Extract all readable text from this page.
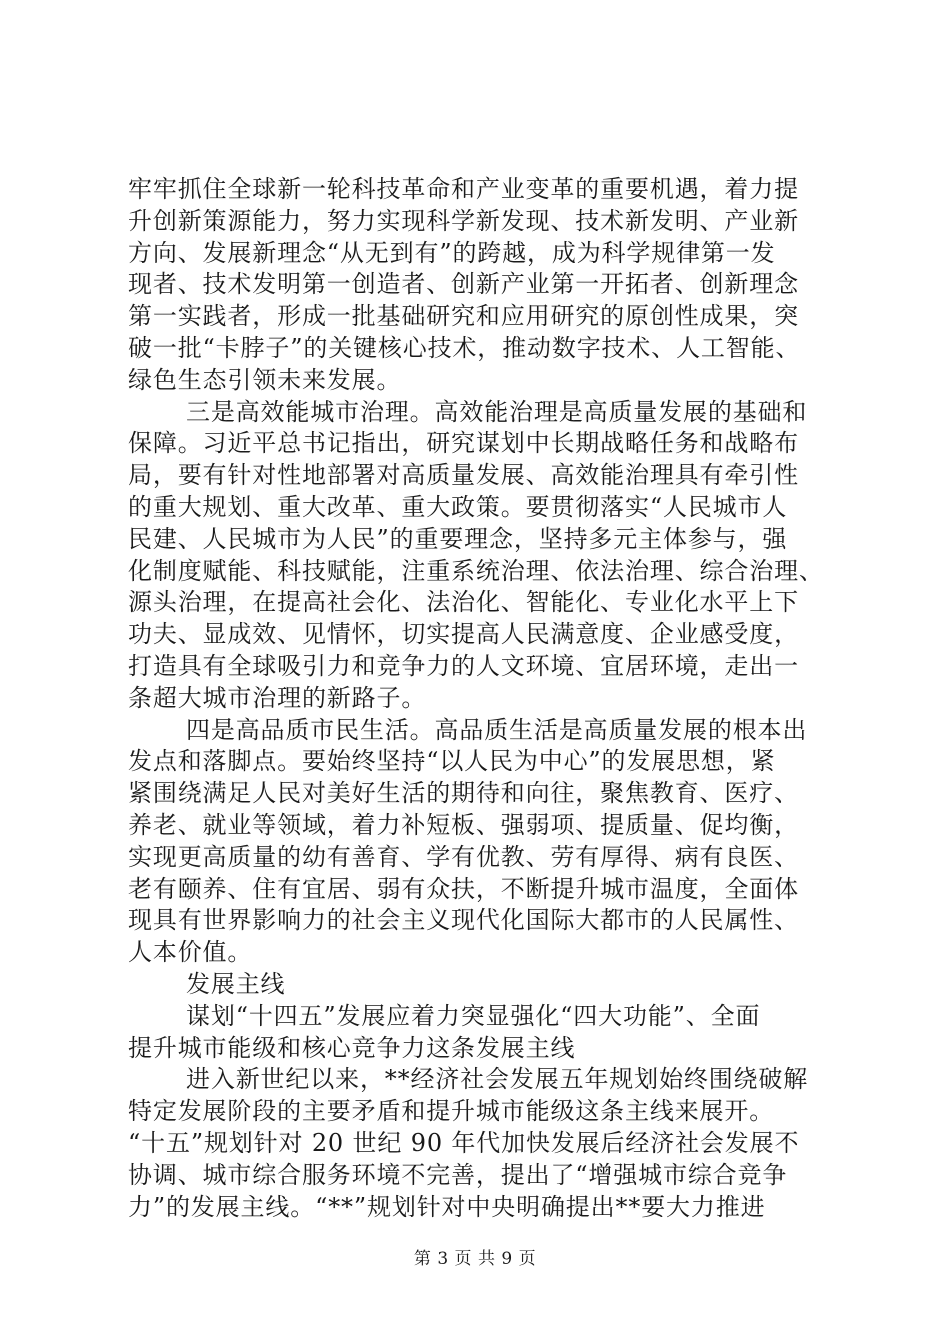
牢牢抓住全球新一轮科技革命和产业变革的重要机遇，着力提
升创新策源能力，努力实现科学新发现、技术新发明、产业新
方向、发展新理念“从无到有”的跨越，成为科学规律第一发
现者、技术发明第一创造者、创新产业第一开拓者、创新理念
第一实践者，形成一批基础研究和应用研究的原创性成果，突
破一批“卡脖子”的关键核心技术，推动数字技术、人工智能、
绿色生态引领未来发展。
三是高效能城市治理。高效能治理是高质量发展的基础和
保障。习近平总书记指出，研究谋划中长期战略任务和战略布
局，要有针对性地部署对高质量发展、高效能治理具有牵引性
的重大规划、重大改革、重大政策。要贯彻落实“人民城市人
民建、人民城市为人民”的重要理念，坚持多元主体参与，强
化制度赋能、科技赋能，注重系统治理、依法治理、综合治理、
源头治理，在提高社会化、法治化、智能化、专业化水平上下
功夫、显成效、见情怀，切实提高人民满意度、企业感受度，
打造具有全球吸引力和竞争力的人文环境、宜居环境，走出一
条超大城市治理的新路子。
四是高品质市民生活。高品质生活是高质量发展的根本出
发点和落脚点。要始终坚持“以人民为中心”的发展思想，紧
紧围绕满足人民对美好生活的期待和向往，聚焦教育、医疗、
养老、就业等领域，着力补短板、强弱项、提质量、促均衡，
实现更高质量的幼有善育、学有优教、劳有厚得、病有良医、
老有颐养、住有宜居、弱有众扶，不断提升城市温度，全面体
现具有世界影响力的社会主义现代化国际大都市的人民属性、
人本价值。
发展主线
谋划“十四五”发展应着力突显强化“四大功能”、全面
提升城市能级和核心竞争力这条发展主线
进入新世纪以来，**经济社会发展五年规划始终围绕破解
特定发展阶段的主要矛盾和提升城市能级这条主线来展开。
“十五”规划针对 20 世纪 90 年代加快发展后经济社会发展不
协调、城市综合服务环境不完善，提出了“增强城市综合竞争
力”的发展主线。“**”规划针对中央明确提出**要大力推进
第 3 页 共 9 页
